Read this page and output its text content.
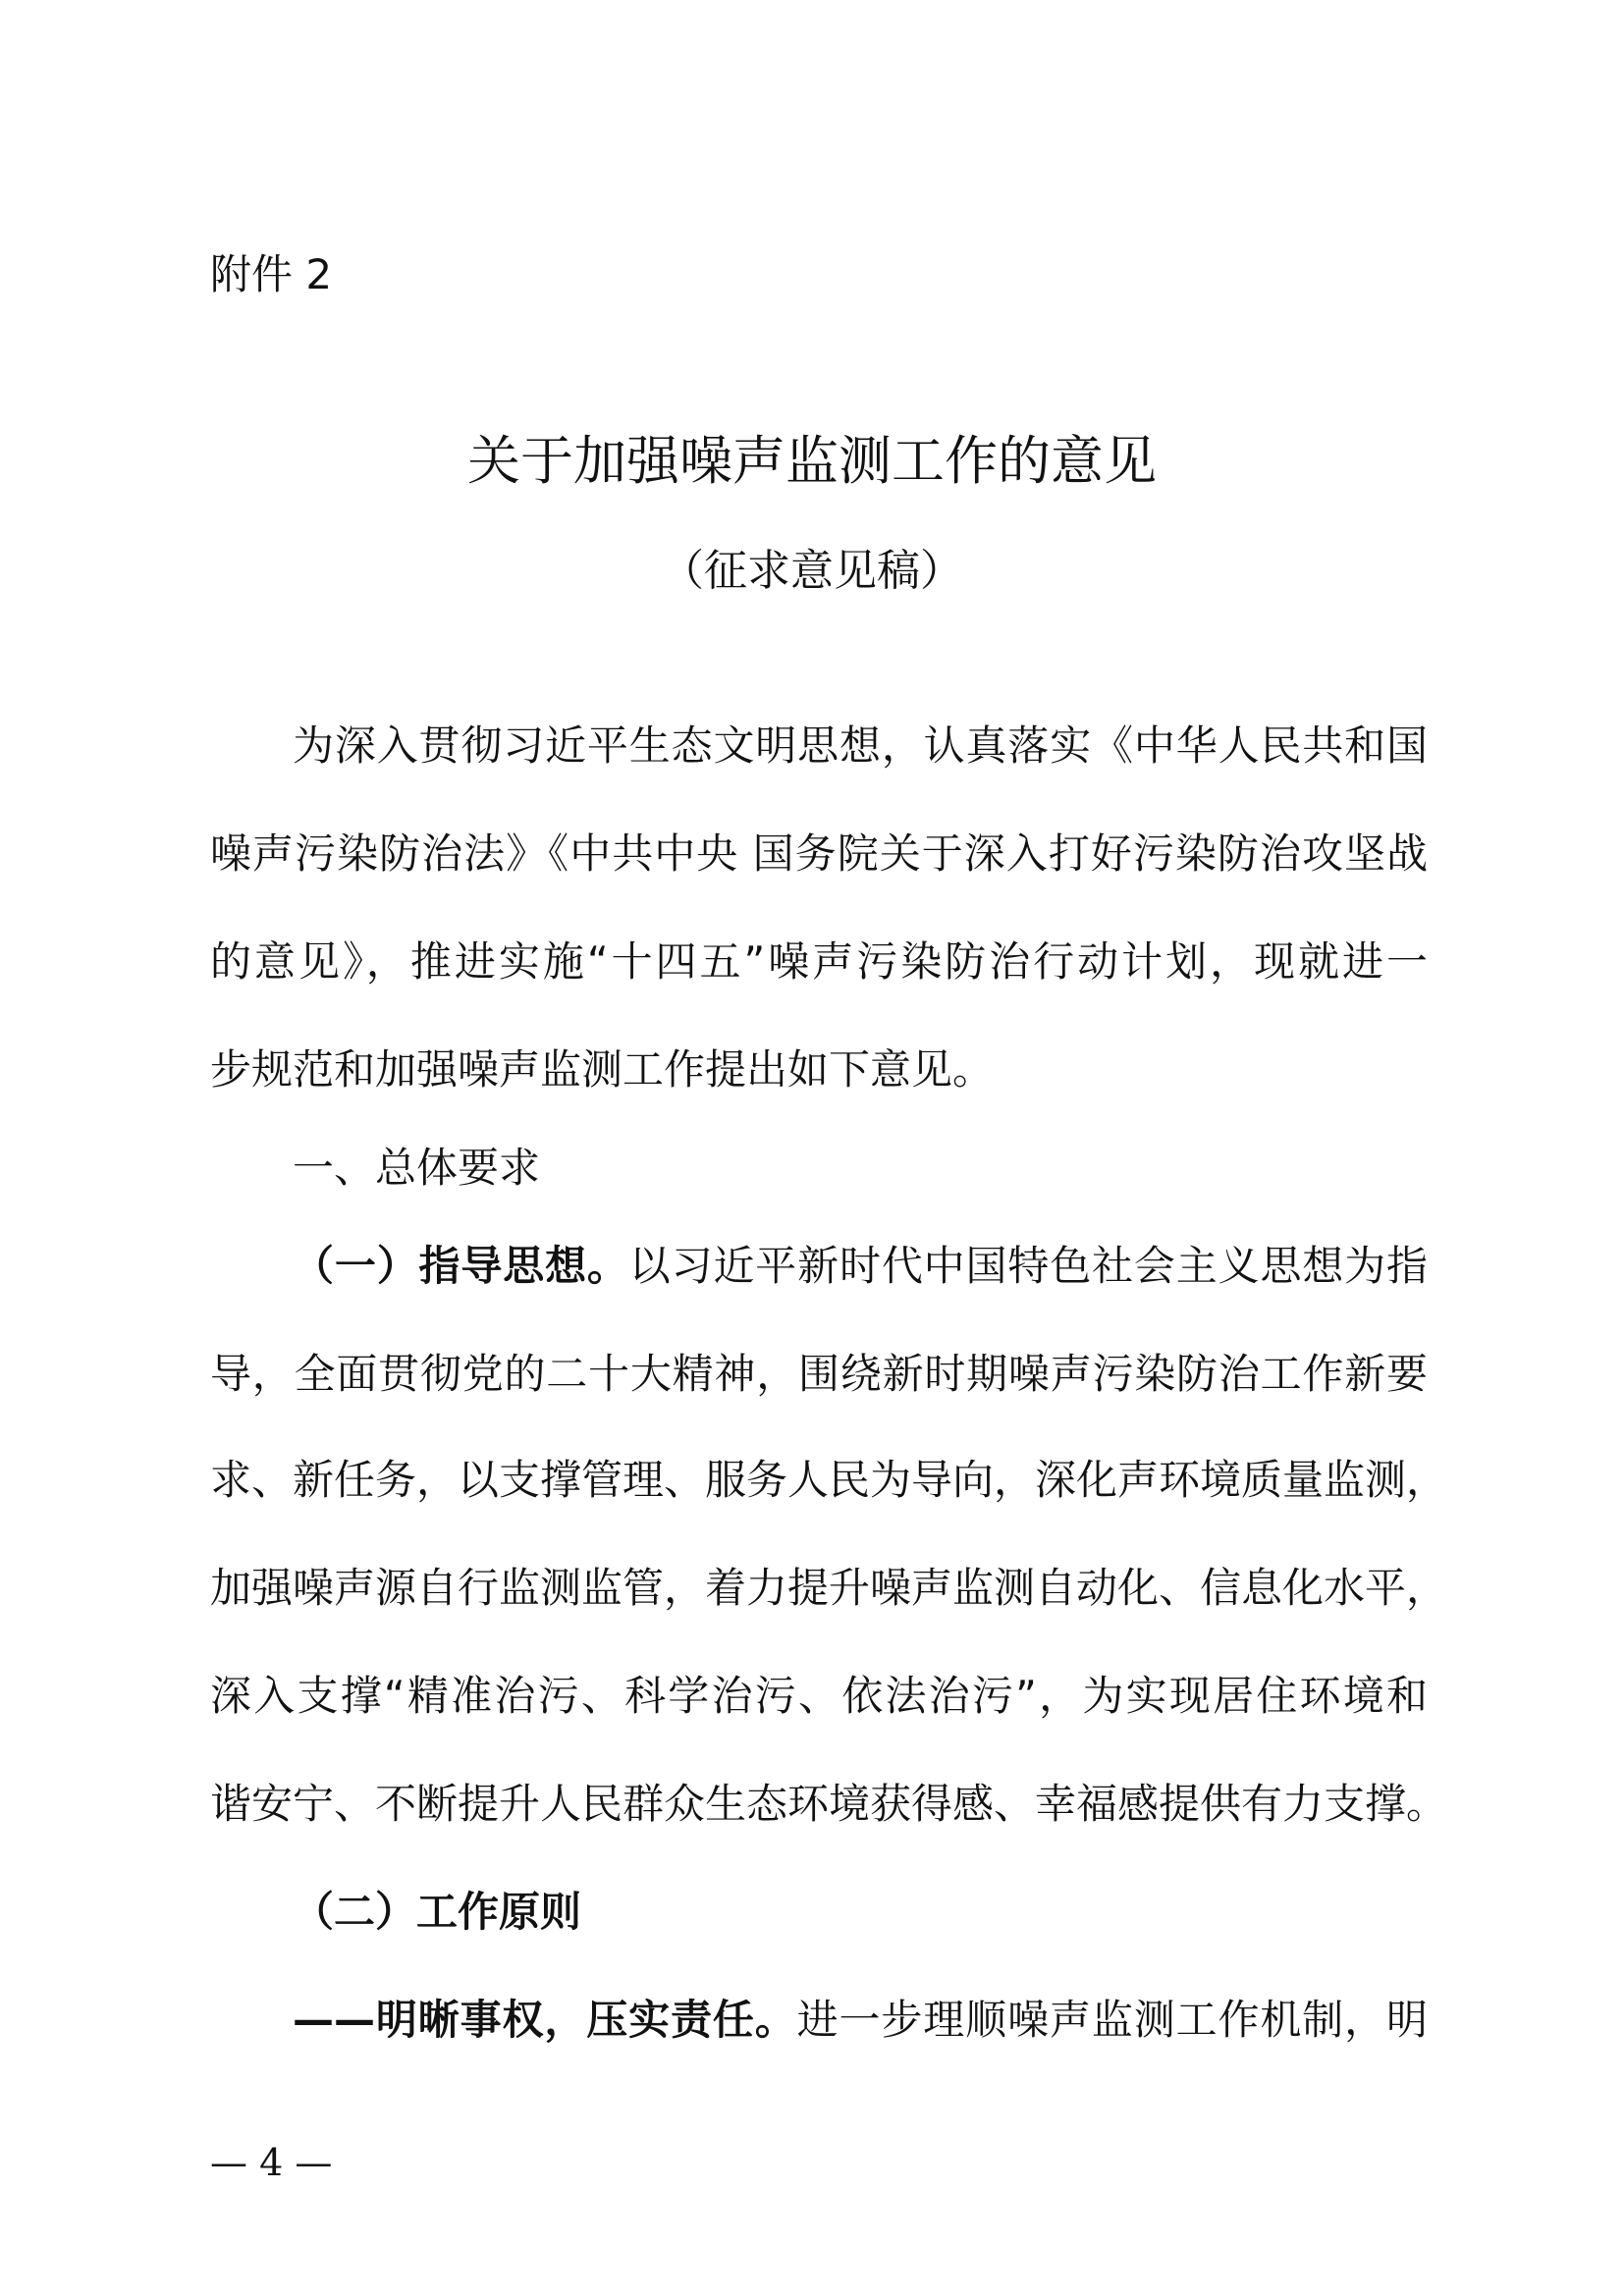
附件 2
关于加强噪声监测工作的意见
（征求意见稿）
为深入贯彻习近平生态文明思想，认真落实《中华人民共和国
噪声污染防治法》《中共中央 国务院关于深入打好污染防治攻坚战
的意见》，推进实施“十四五”噪声污染防治行动计划，现就进一
步规范和加强噪声监测工作提出如下意见。
一、总体要求
（一）指导思想。以习近平新时代中国特色社会主义思想为指
导，全面贯彻党的二十大精神，围绕新时期噪声污染防治工作新要
求、新任务，以支撑管理、服务人民为导向，深化声环境质量监测，
加强噪声源自行监测监管，着力提升噪声监测自动化、信息化水平，
深入支撑“精准治污、科学治污、依法治污”，为实现居住环境和
谐安宁、不断提升人民群众生态环境获得感、幸福感提供有力支撑。
（二）工作原则
——明晰事权，压实责任。进一步理顺噪声监测工作机制，明
— 4 —
